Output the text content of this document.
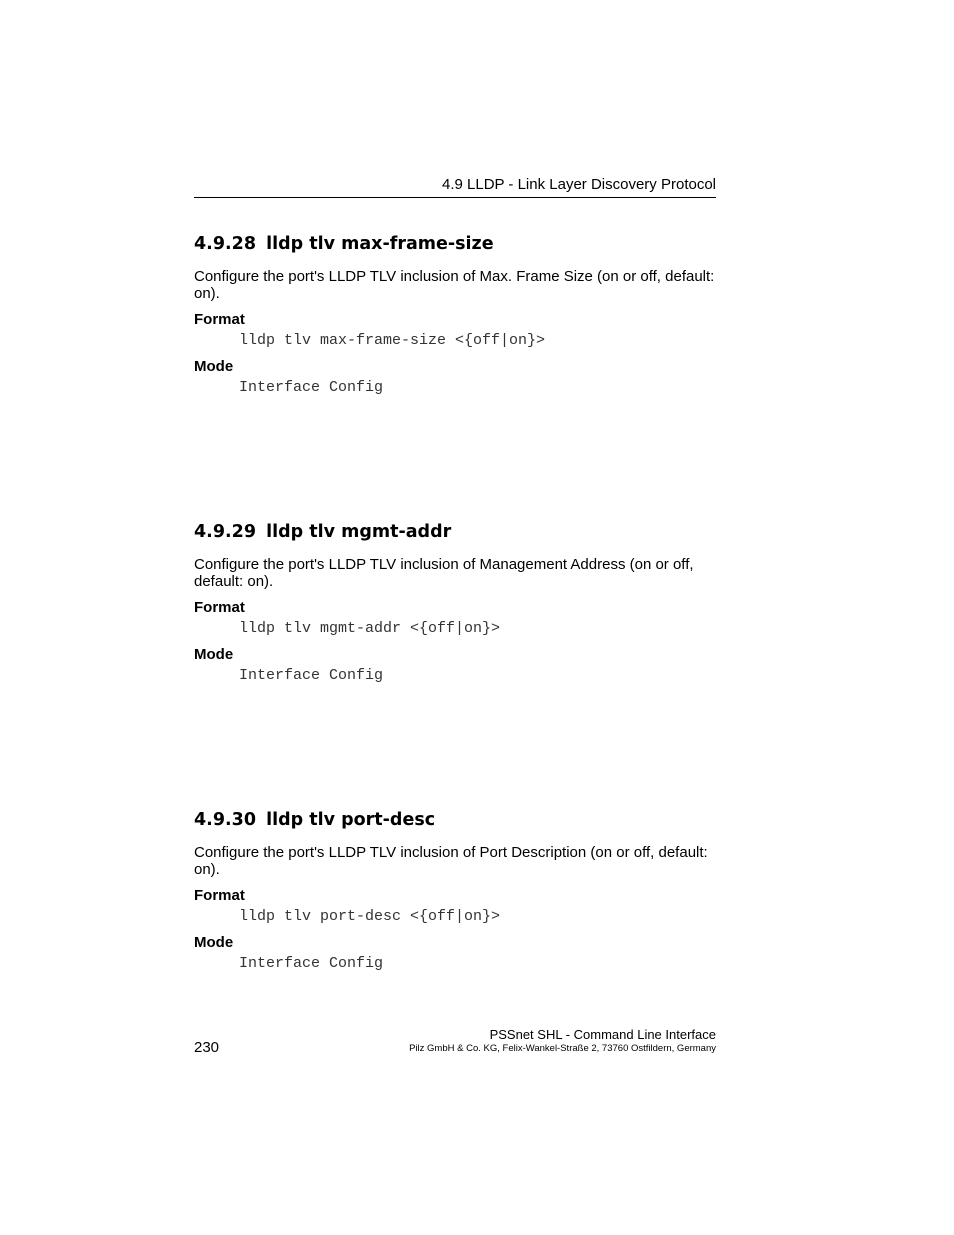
4.9 LLDP - Link Layer Discovery Protocol
4.9.28 lldp tlv max-frame-size

Configure the port's LLDP TLV inclusion of Max. Frame Size (on or off, default: on).

Format
lldp tlv max-frame-size <{off|on}>
Mode
Interface Config
4.9.29 lldp tlv mgmt-addr

Configure the port's LLDP TLV inclusion of Management Address (on or off, default: on).

Format
lldp tlv mgmt-addr <{off|on}>
Mode
Interface Config
4.9.30 lldp tlv port-desc

Configure the port's LLDP TLV inclusion of Port Description (on or off, default: on).

Format
lldp tlv port-desc <{off|on}>
Mode
Interface Config
230
PSSnet SHL - Command Line Interface
Pilz GmbH & Co. KG, Felix-Wankel-Straße 2, 73760 Ostfildern, Germany
